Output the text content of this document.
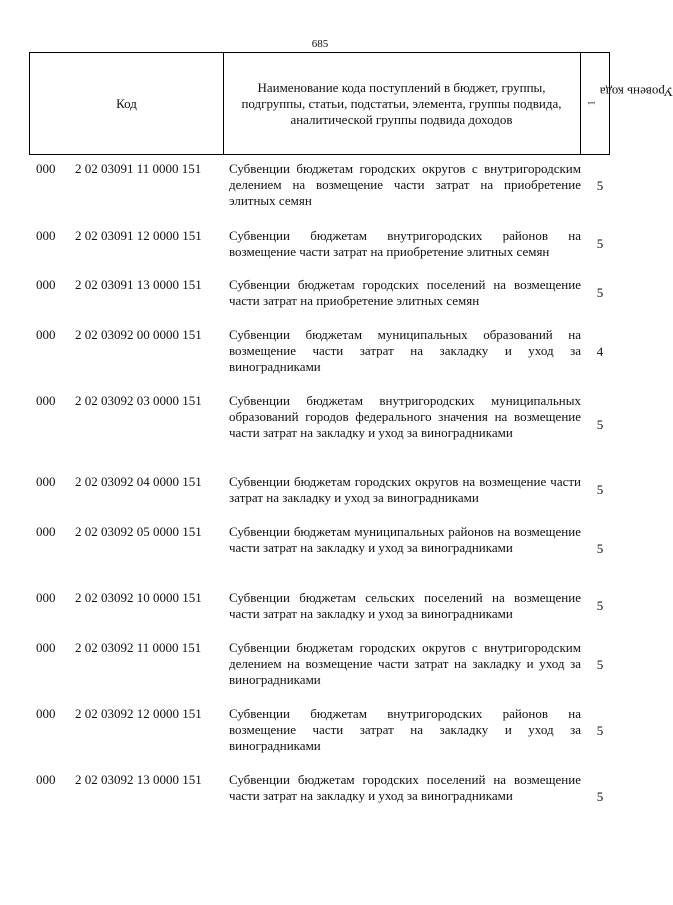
685
Код
Наименование кода поступлений в бюджет, группы, подгруппы, статьи, подстатьи, элемента, группы подвида, аналитической группы подвида доходов
Уровень кода
$^1$
000 2 02 03091 11 0000 151 Субвенции бюджетам городских округов с внутригородским делением на возмещение части затрат на приобретение элитных семян
5
000 2 02 03091 12 0000 151 Субвенции бюджетам внутригородских районов на возмещение части затрат на приобретение элитных семян
5
000 2 02 03091 13 0000 151 Субвенции бюджетам городских поселений на возмещение части затрат на приобретение элитных семян
5
000 2 02 03092 00 0000 151 Субвенции бюджетам муниципальных образований на возмещение части затрат на закладку и уход за виноградниками
4
000 2 02 03092 03 0000 151 Субвенции бюджетам внутригородских муниципальных образований городов федерального значения на возмещение части затрат на закладку и уход за виноградниками
5
000 2 02 03092 04 0000 151 Субвенции бюджетам городских округов на возмещение части затрат на закладку и уход за виноградниками
5
000 2 02 03092 05 0000 151 Субвенции бюджетам муниципальных районов на возмещение части затрат на закладку и уход за виноградниками	5
000 2 02 03092 10 0000 151 Субвенции бюджетам сельских поселений на возмещение части затрат на закладку и уход за виноградниками
5
000 2 02 03092 11 0000 151 Субвенции бюджетам городских округов с внутригородским делением на возмещение части затрат на закладку и уход за виноградниками
5
000 2 02 03092 12 0000 151 Субвенции бюджетам внутригородских районов на возмещение части затрат на закладку и уход за виноградниками
5
000 2 02 03092 13 0000 151 Субвенции бюджетам городских поселений на возмещение части затрат на закладку и уход за виноградниками	5
